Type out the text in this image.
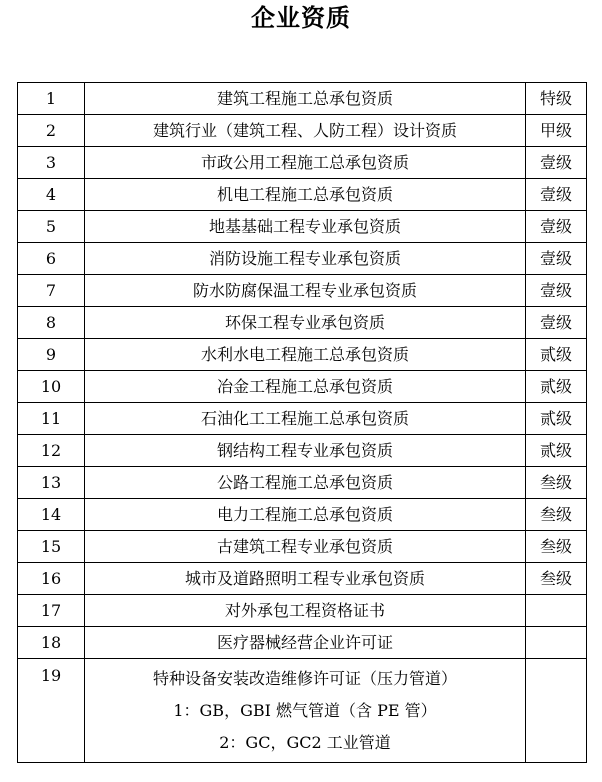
企业资质
1	建筑工程施工总承包资质	特级
2	建筑行业（建筑工程、人防工程）设计资质	甲级
3	市政公用工程施工总承包资质	壹级
4	机电工程施工总承包资质	壹级
5	地基基础工程专业承包资质	壹级
6	消防设施工程专业承包资质	壹级
7	防水防腐保温工程专业承包资质	壹级
8	环保工程专业承包资质	壹级
9	水利水电工程施工总承包资质	贰级
10	冶金工程施工总承包资质	贰级
11	石油化工工程施工总承包资质	贰级
12	钢结构工程专业承包资质	贰级
13	公路工程施工总承包资质	叁级
14	电力工程施工总承包资质	叁级
15	古建筑工程专业承包资质	叁级
16	城市及道路照明工程专业承包资质	叁级
17	对外承包工程资格证书	
18	医疗器械经营企业许可证	
19	特种设备安装改造维修许可证（压力管道）
1：GB，GBI 燃气管道（含 PE 管）
2：GC，GC2 工业管道	
